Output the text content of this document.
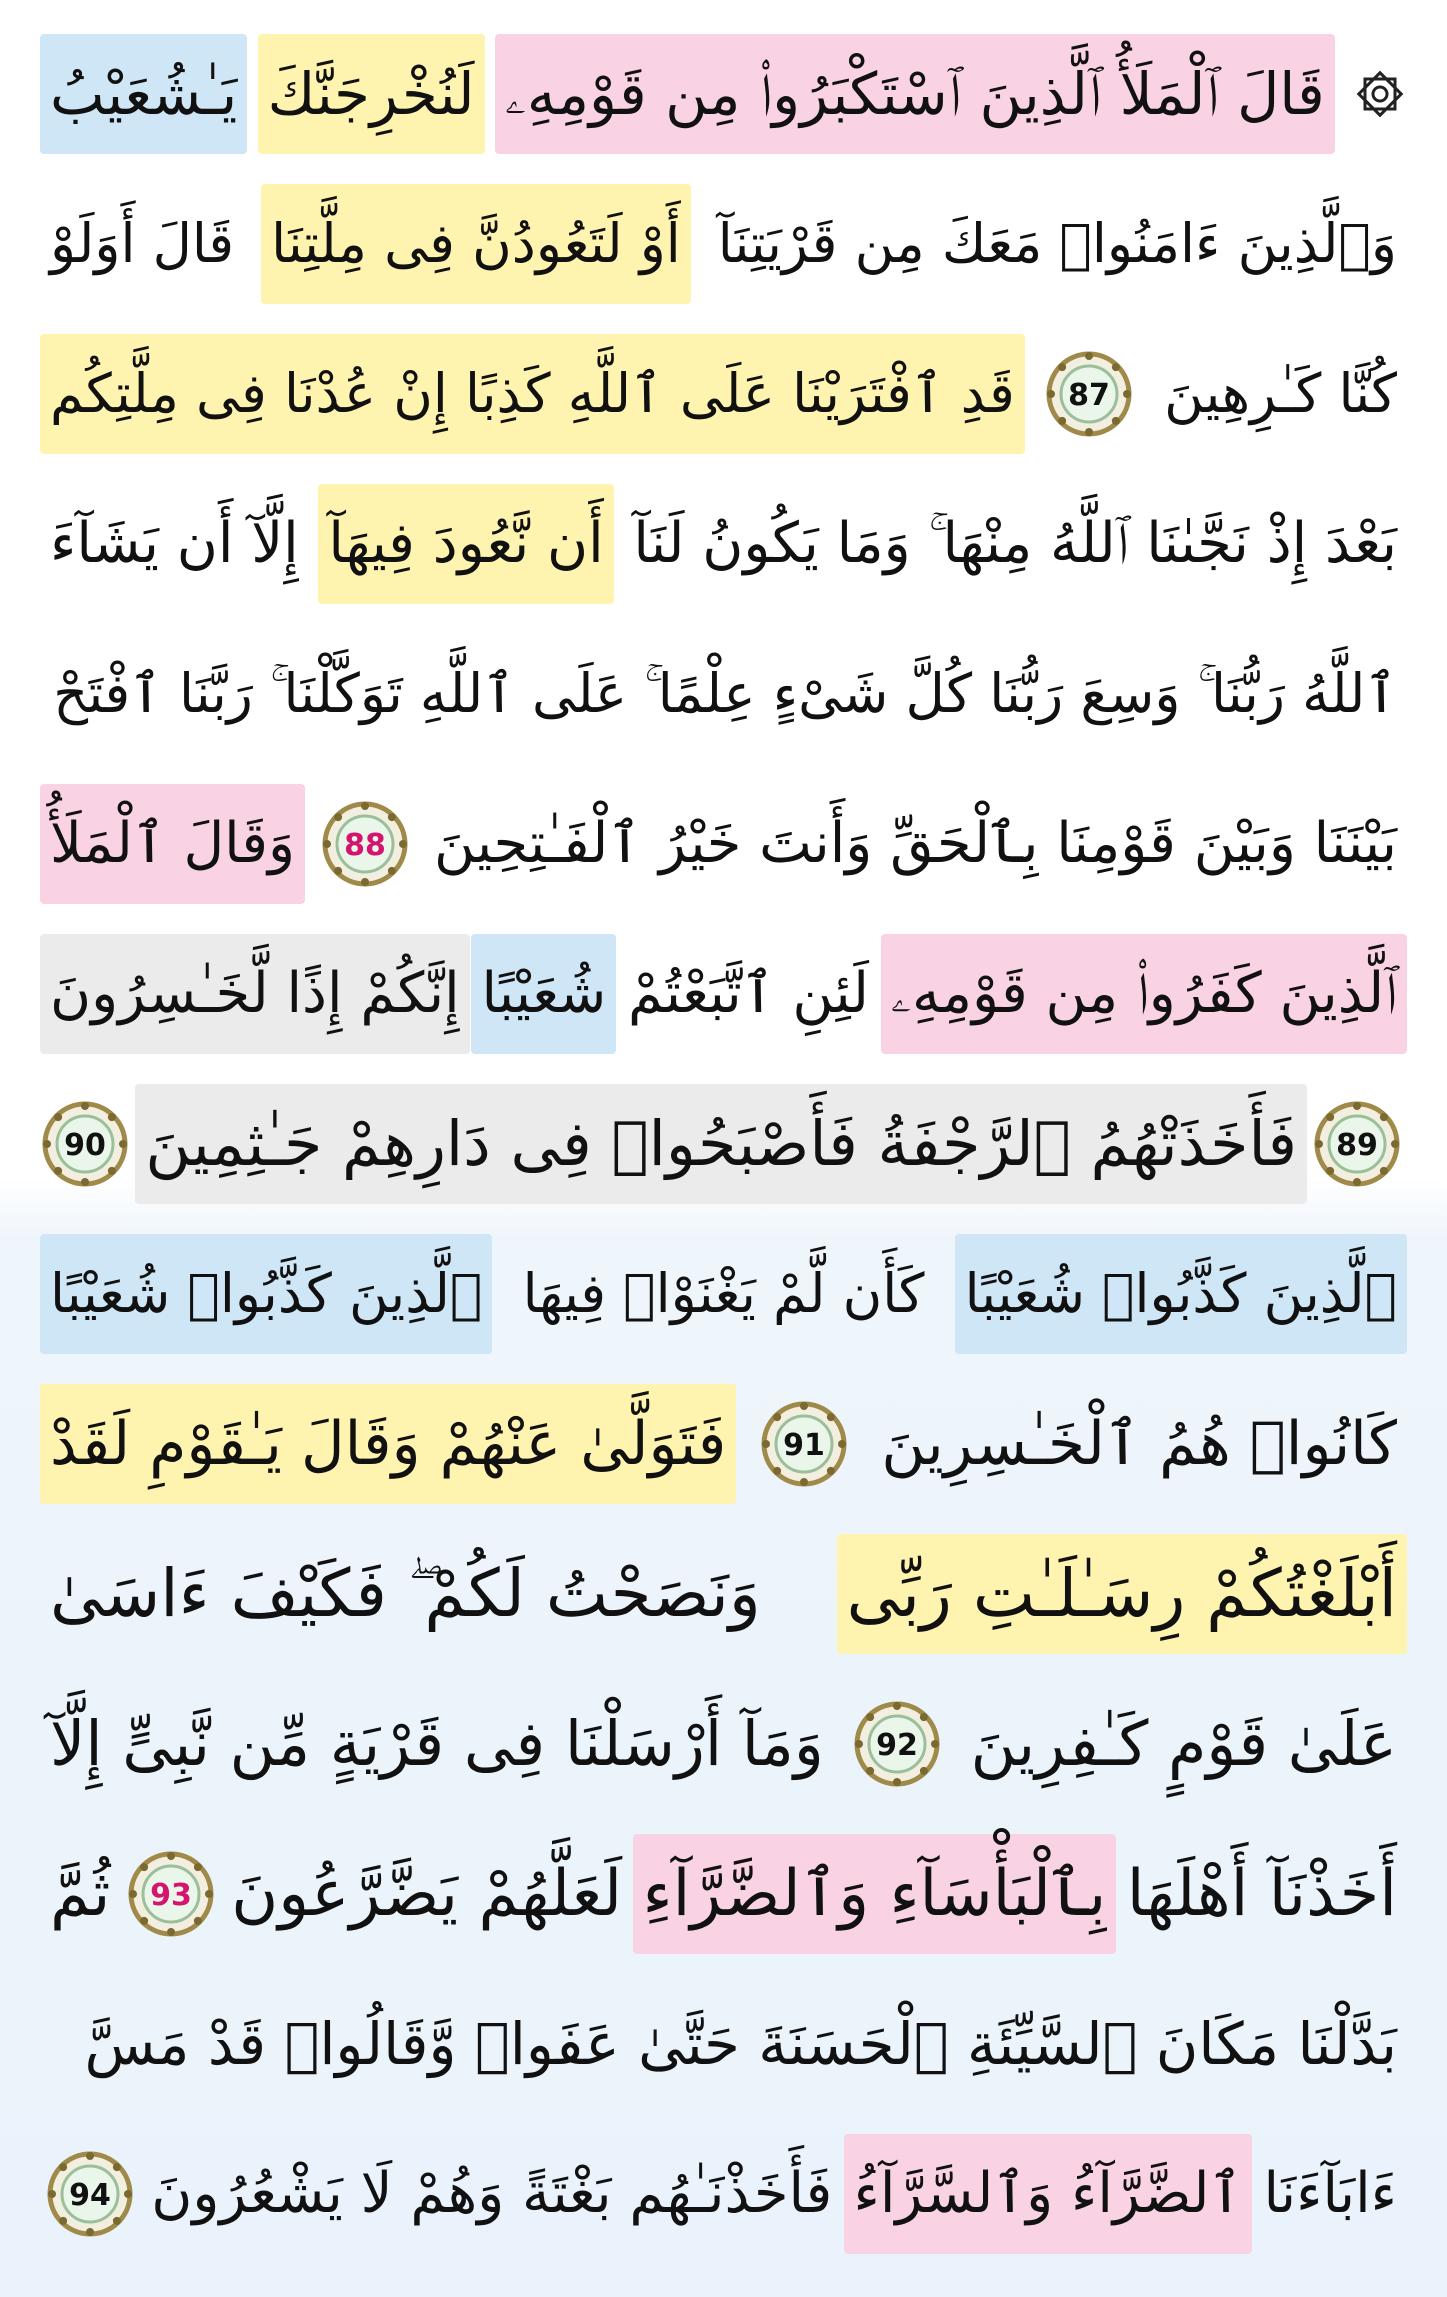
قَالَ ٱلْمَلَأُ ٱلَّذِينَ ٱسْتَكْبَرُوا۟ مِن قَوْمِهِۦ
لَنُخْرِجَنَّكَ
يَـٰشُعَيْبُ
وَٱلَّذِينَ ءَامَنُوا۟ مَعَكَ مِن قَرْيَتِنَآ
أَوْ لَتَعُودُنَّ فِى مِلَّتِنَا
قَالَ أَوَلَوْ
كُنَّا كَـٰرِهِينَ
87
قَدِ ٱفْتَرَيْنَا عَلَى ٱللَّهِ كَذِبًا إِنْ عُدْنَا فِى مِلَّتِكُم
بَعْدَ إِذْ نَجَّىٰنَا ٱللَّهُ مِنْهَا ۚ وَمَا يَكُونُ لَنَآ
أَن نَّعُودَ فِيهَآ
إِلَّآ أَن يَشَآءَ
ٱللَّهُ رَبُّنَا ۚ وَسِعَ رَبُّنَا كُلَّ شَىْءٍ عِلْمًا ۚ عَلَى ٱللَّهِ تَوَكَّلْنَا ۚ رَبَّنَا ٱفْتَحْ
بَيْنَنَا وَبَيْنَ قَوْمِنَا بِٱلْحَقِّ وَأَنتَ خَيْرُ ٱلْفَـٰتِحِينَ
88
وَقَالَ ٱلْمَلَأُ
ٱلَّذِينَ كَفَرُوا۟ مِن قَوْمِهِۦ
لَئِنِ ٱتَّبَعْتُمْ
شُعَيْبًا
إِنَّكُمْ إِذًا لَّخَـٰسِرُونَ
89
فَأَخَذَتْهُمُ ٱلرَّجْفَةُ فَأَصْبَحُوا۟ فِى دَارِهِمْ جَـٰثِمِينَ
90
ٱلَّذِينَ كَذَّبُوا۟ شُعَيْبًا
كَأَن لَّمْ يَغْنَوْا۟ فِيهَا
ٱلَّذِينَ كَذَّبُوا۟ شُعَيْبًا
كَانُوا۟ هُمُ ٱلْخَـٰسِرِينَ
91
فَتَوَلَّىٰ عَنْهُمْ وَقَالَ يَـٰقَوْمِ لَقَدْ
أَبْلَغْتُكُمْ رِسَـٰلَـٰتِ رَبِّى
وَنَصَحْتُ لَكُمْ ۖ فَكَيْفَ ءَاسَىٰ
عَلَىٰ قَوْمٍ كَـٰفِرِينَ
92
وَمَآ أَرْسَلْنَا فِى قَرْيَةٍ مِّن نَّبِىٍّ إِلَّآ
أَخَذْنَآ أَهْلَهَا
بِٱلْبَأْسَآءِ وَٱلضَّرَّآءِ
لَعَلَّهُمْ يَضَّرَّعُونَ
93
ثُمَّ
بَدَّلْنَا مَكَانَ ٱلسَّيِّئَةِ ٱلْحَسَنَةَ حَتَّىٰ عَفَوا۟ وَّقَالُوا۟ قَدْ مَسَّ
ءَابَآءَنَا
ٱلضَّرَّآءُ وَٱلسَّرَّآءُ
فَأَخَذْنَـٰهُم بَغْتَةً وَهُمْ لَا يَشْعُرُونَ
94
